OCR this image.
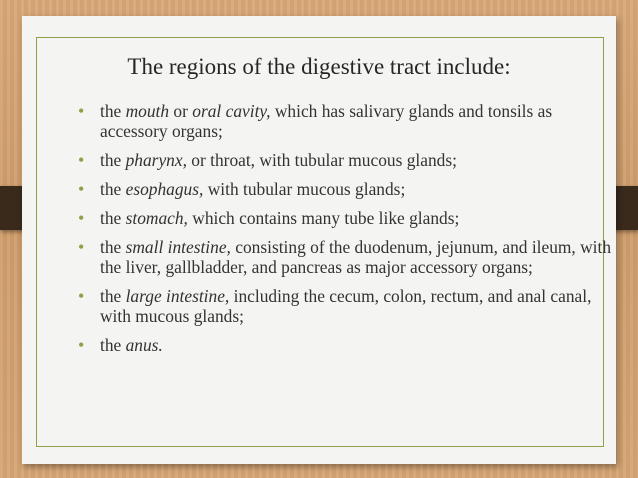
The regions of the digestive tract include:
• the mouth or oral cavity, which has salivary glands and tonsils as accessory organs;
• the pharynx, or throat, with tubular mucous glands;
• the esophagus, with tubular mucous glands;
• the stomach, which contains many tube like glands;
• the small intestine, consisting of the duodenum, jejunum, and ileum, with the liver, gallbladder, and pancreas as major accessory organs;
• the large intestine, including the cecum, colon, rectum, and anal canal, with mucous glands;
• the anus.
